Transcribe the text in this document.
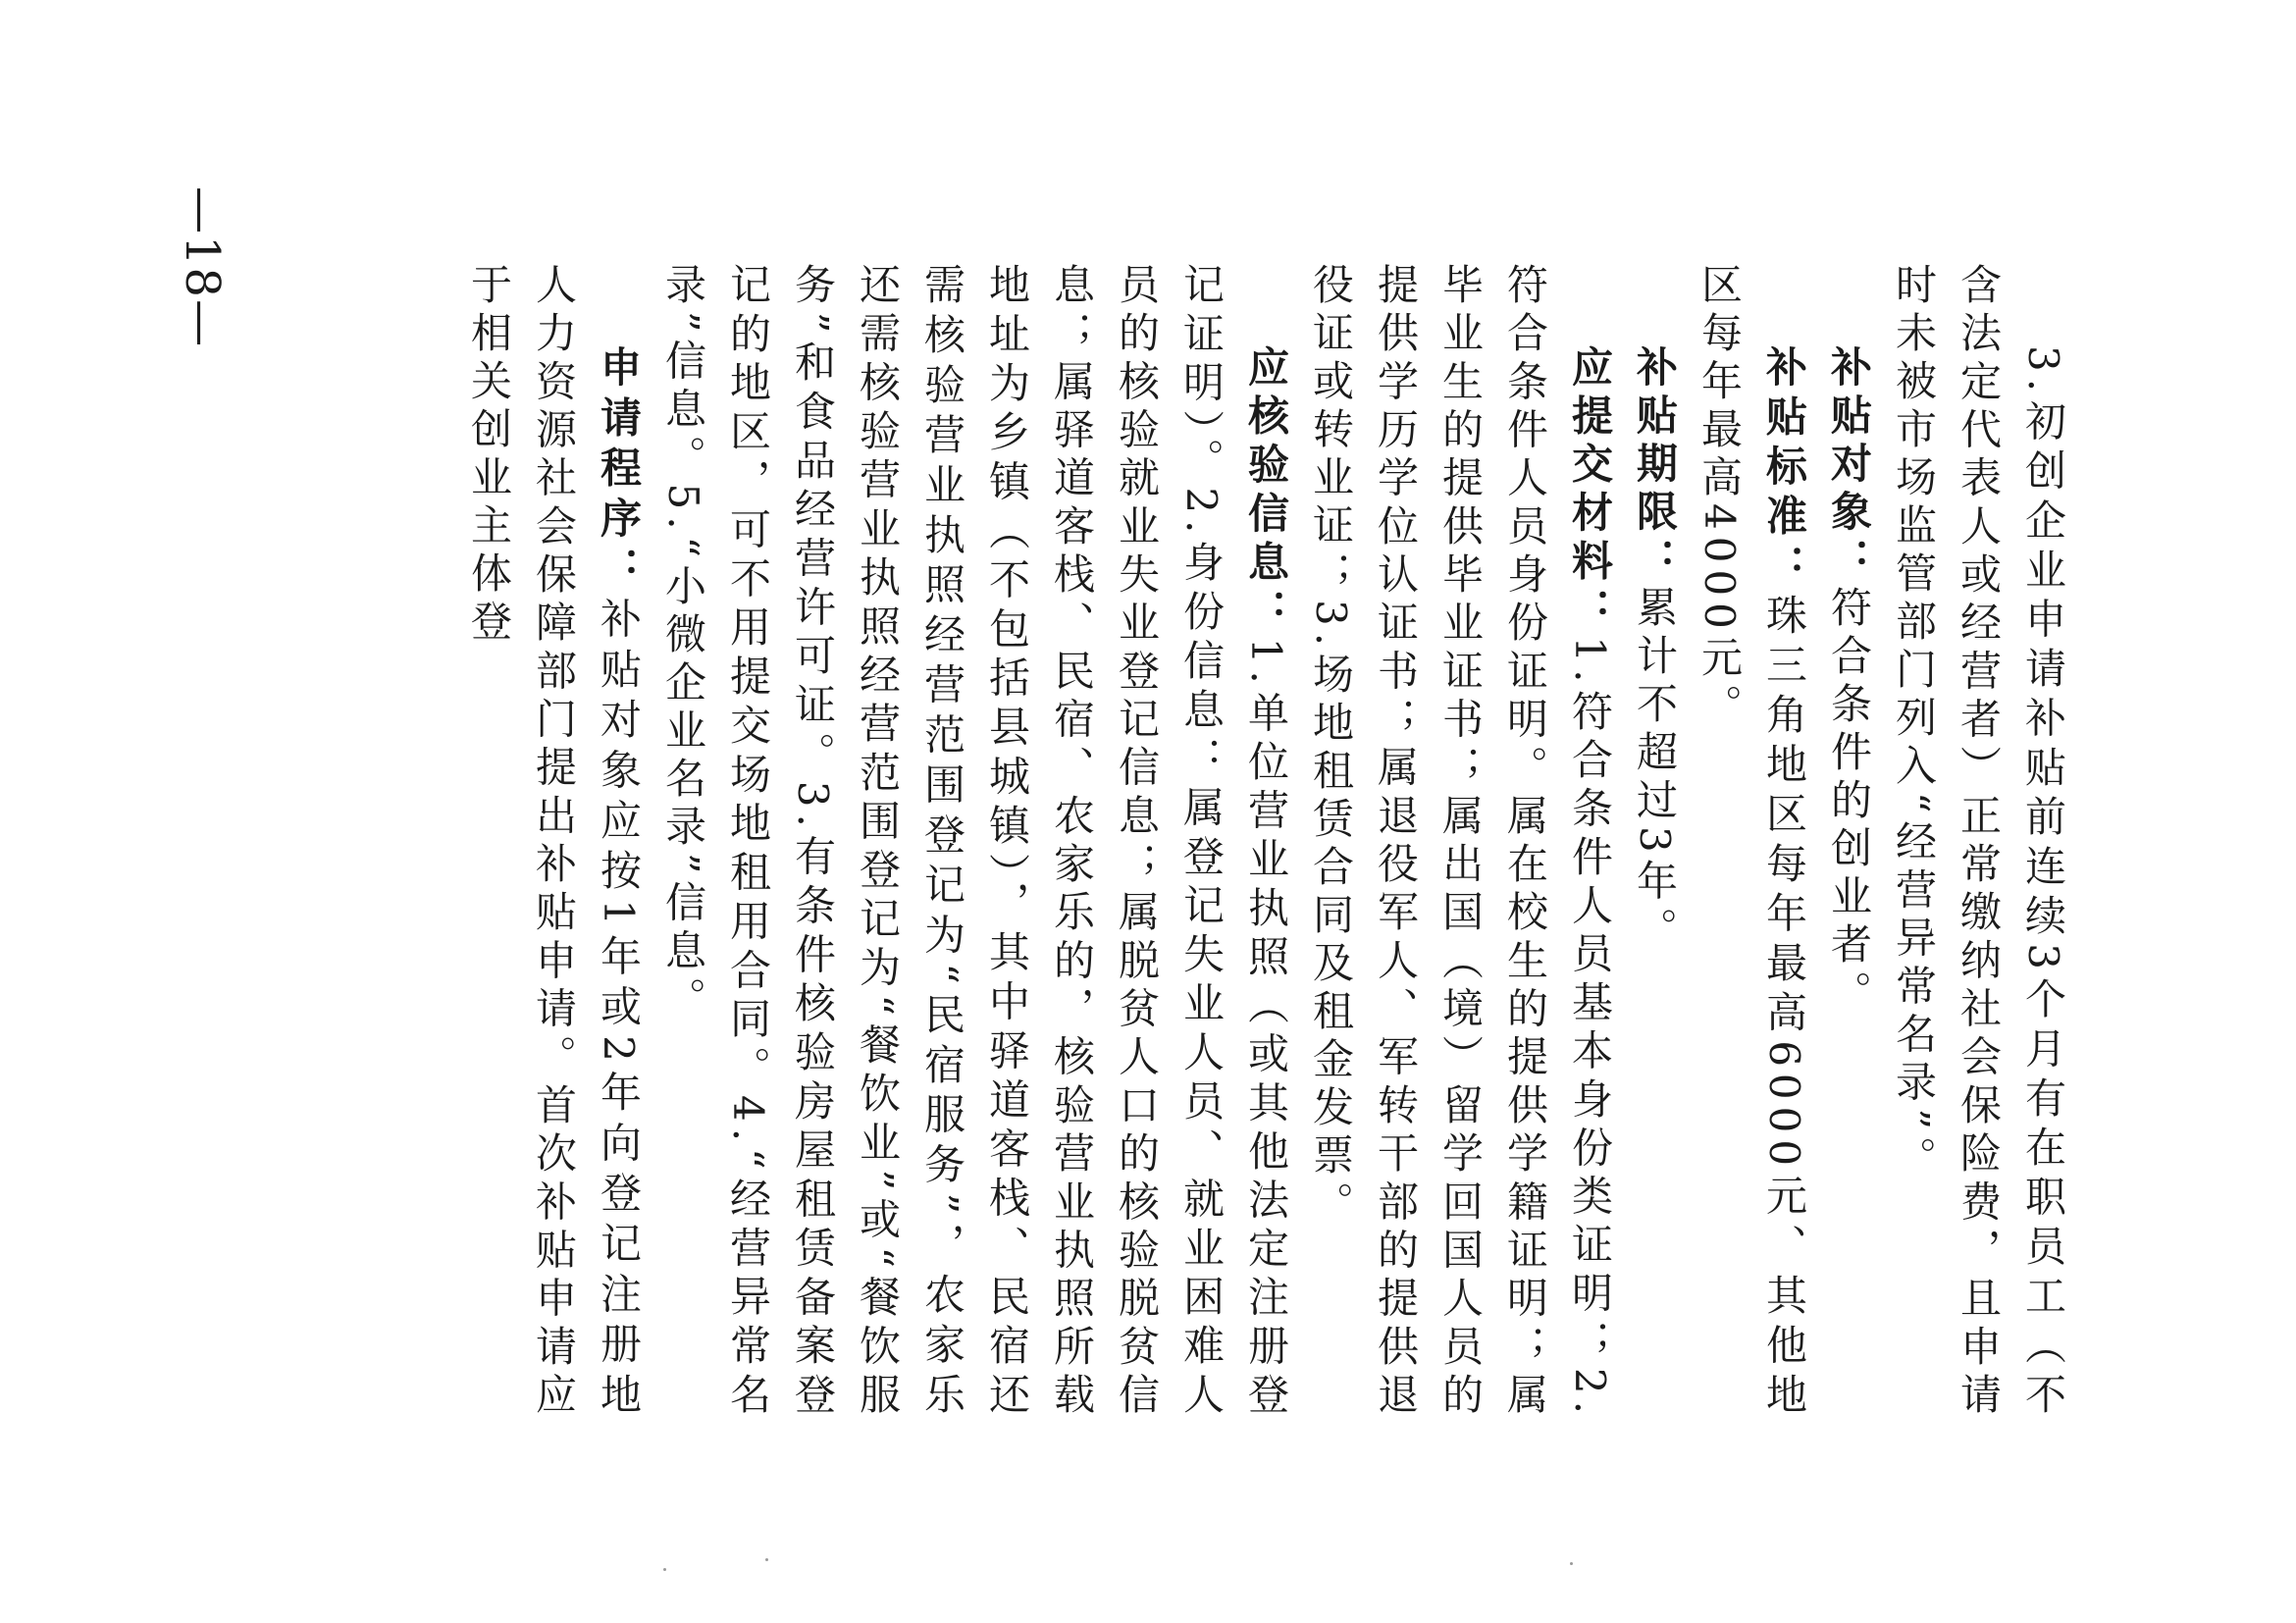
3.初创企业申请补贴前连续3个月有在职员工（不含法定代表人或经营者）正常缴纳社会保险费，且申请时未被市场监管部门列入“经营异常名录”。

补贴对象：符合条件的创业者。

补贴标准：珠三角地区每年最高6000元、其他地区每年最高4000元。

补贴期限：累计不超过3年。

应提交材料：1.符合条件人员基本身份类证明；2.符合条件人员身份证明。属在校生的提供学籍证明；属毕业生的提供毕业证书；属出国（境）留学回国人员的提供学历学位认证书；属退役军人、军转干部的提供退役证或转业证；3.场地租赁合同及租金发票。

应核验信息：1.单位营业执照（或其他法定注册登记证明）。2.身份信息：属登记失业人员、就业困难人员的核验就业失业登记信息；属脱贫人口的核验脱贫信息；属驿道客栈、民宿、农家乐的，核验营业执照所载地址为乡镇（不包括县城镇），其中驿道客栈、民宿还需核验营业执照经营范围登记为“民宿服务”，农家乐还需核验营业执照经营范围登记为“餐饮业”或“餐饮服务”和食品经营许可证。3.有条件核验房屋租赁备案登记的地区，可不用提交场地租用合同。4.“经营异常名录”信息。5.“小微企业名录”信息。

申请程序：补贴对象应按1年或2年向登记注册地人力资源社会保障部门提出补贴申请。首次补贴申请应于相关创业主体登

—18—
